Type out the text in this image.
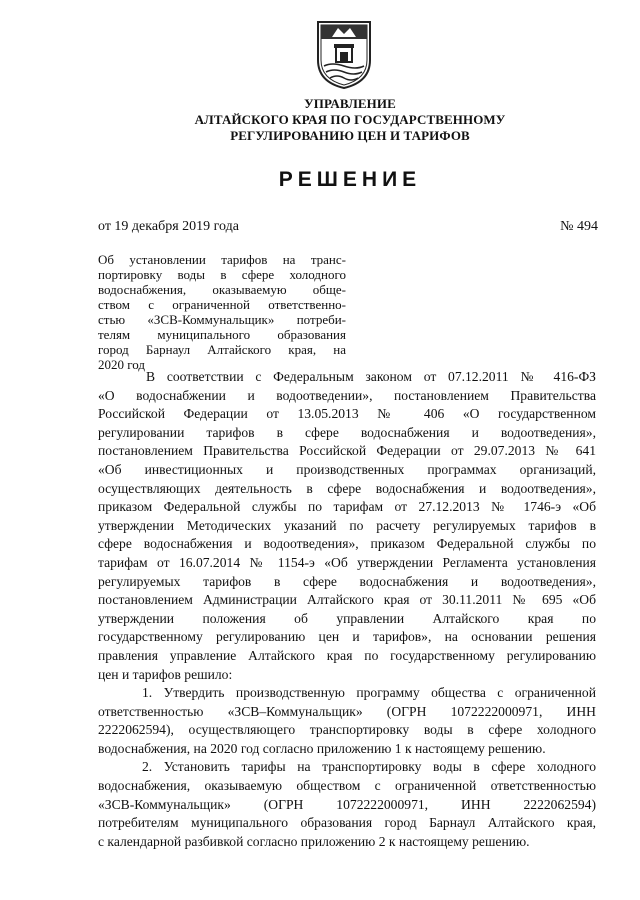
УПРАВЛЕНИЕ
АЛТАЙСКОГО КРАЯ ПО ГОСУДАРСТВЕННОМУ
РЕГУЛИРОВАНИЮ ЦЕН И ТАРИФОВ
РЕШЕНИЕ
от 19 декабря 2019 года	№ 494
Об установлении тарифов на транс-
портировку воды в сфере холодного
водоснабжения, оказываемую обще-
ством с ограниченной ответственно-
стью «ЗСВ-Коммунальщик» потреби-
телям муниципального образования
город Барнаул Алтайского края, на
2020 год
В соответствии с Федеральным законом от 07.12.2011 № 416-ФЗ
«О водоснабжении и водоотведении», постановлением Правительства
Российской Федерации от 13.05.2013 № 406 «О государственном
регулировании тарифов в сфере водоснабжения и водоотведения»,
постановлением Правительства Российской Федерации от 29.07.2013 № 641
«Об инвестиционных и производственных программах организаций,
осуществляющих деятельность в сфере водоснабжения и водоотведения»,
приказом Федеральной службы по тарифам от 27.12.2013 № 1746-э «Об
утверждении Методических указаний по расчету регулируемых тарифов в
сфере водоснабжения и водоотведения», приказом Федеральной службы по
тарифам от 16.07.2014 № 1154-э «Об утверждении Регламента установления
регулируемых тарифов в сфере водоснабжения и водоотведения»,
постановлением Администрации Алтайского края от 30.11.2011 № 695 «Об
утверждении положения об управлении Алтайского края по
государственному регулированию цен и тарифов», на основании решения
правления управление Алтайского края по государственному регулированию
цен и тарифов решило:
1. Утвердить производственную программу общества с ограниченной
ответственностью «ЗСВ–Коммунальщик» (ОГРН 1072222000971, ИНН
2222062594), осуществляющего транспортировку воды в сфере холодного
водоснабжения, на 2020 год согласно приложению 1 к настоящему решению.
2. Установить тарифы на транспортировку воды в сфере холодного
водоснабжения, оказываемую обществом с ограниченной ответственностью
«ЗСВ-Коммунальщик» (ОГРН 1072222000971, ИНН 2222062594)
потребителям муниципального образования город Барнаул Алтайского края,
с календарной разбивкой согласно приложению 2 к настоящему решению.
